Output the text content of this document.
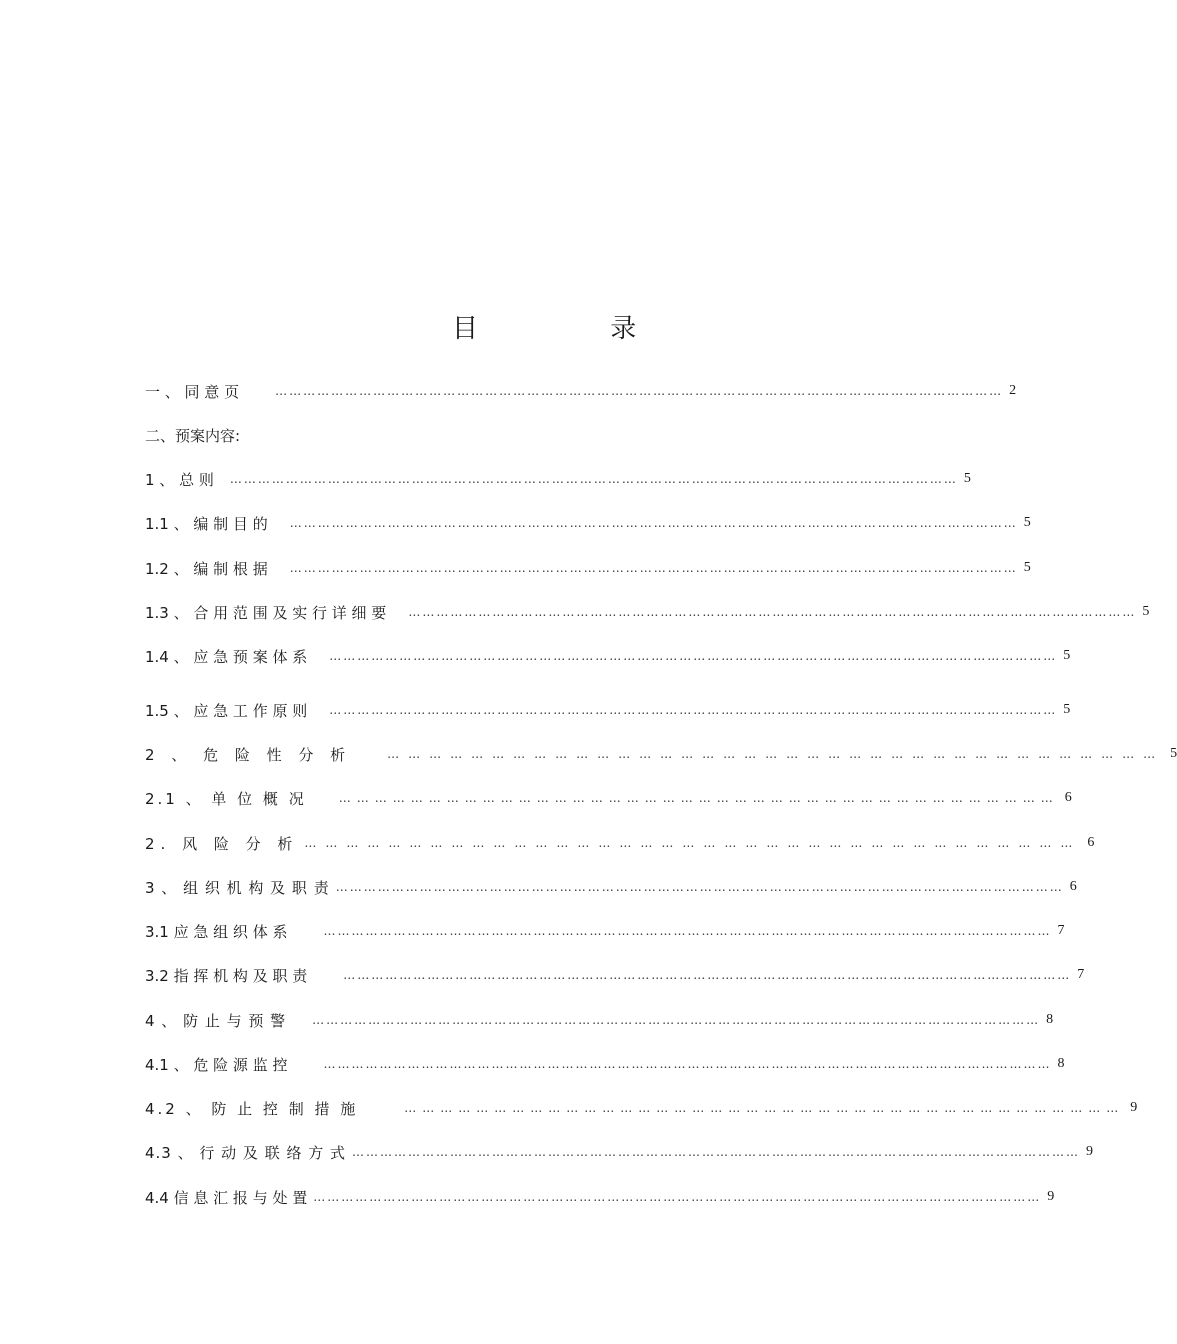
目 录
一 、 同 意 页	………………………………………………………………………………………………………………………………………… 2
二、预案内容:
1 、 总 则	………………………………………………………………………………………………………………………………………… 5
1.1 、 编 制 目 的	………………………………………………………………………………………………………………………………………… 5
1.2 、 编 制 根 据	………………………………………………………………………………………………………………………………………… 5
1.3 、 合 用 范 围 及 实 行 详 细 要	………………………………………………………………………………………………………………………………………… 5
1.4 、 应 急 预 案 体 系	………………………………………………………………………………………………………………………………………… 5
1.5 、 应 急 工 作 原 则	………………………………………………………………………………………………………………………………………… 5
2 、 危 险 性 分 析	………………………………………………………………………………………………… 5
2.1 、 单 位 概 况	………………………………………………………………………………………………………… 6
2. 风 险 分 析 ………………………………………………………………………………………………… 6
3 、 组 织 机 构 及 职 责 ………………………………………………………………………………………………………………………………………… 6
3.1 应 急 组 织 体 系	………………………………………………………………………………………………………………………………………… 7
3.2 指 挥 机 构 及 职 责	………………………………………………………………………………………………………………………………………… 7
4 、 防 止 与 预 警	………………………………………………………………………………………………………………………………………… 8
4.1 、 危 险 源 监 控	………………………………………………………………………………………………………………………………………… 8
4.2 、 防 止 控 制 措 施	………………………………………………………………………………………………………… 9
4.3 、 行 动 及 联 络 方 式 ………………………………………………………………………………………………………………………………………… 9
4.4 信 息 汇 报 与 处 置 ………………………………………………………………………………………………………………………………………… 9
